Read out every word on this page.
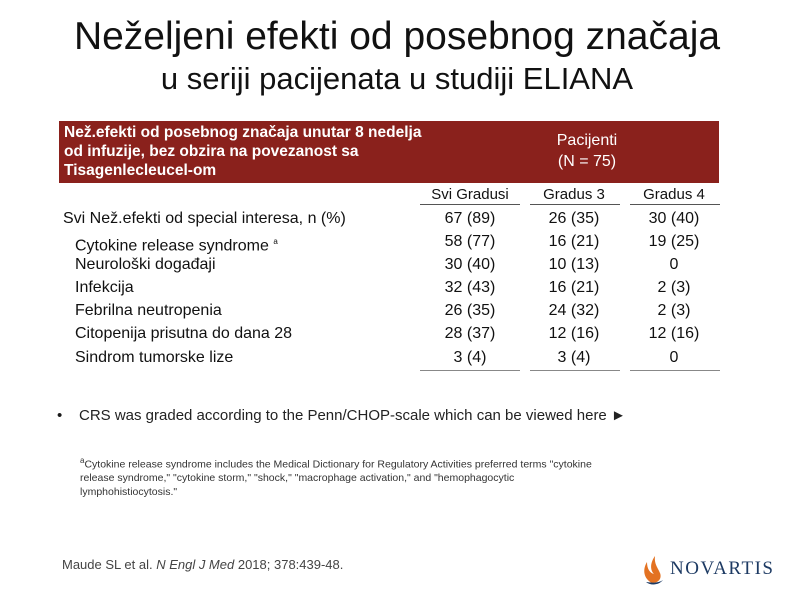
Neželjeni efekti od posebnog značaja
u seriji pacijenata u studiji ELIANA
Než.efekti od posebnog značaja unutar 8 nedelja od infuzije, bez obzira na povezanost sa Tisagenlecleucel-om
Pacijenti
(N = 75)
Svi Gradusi	Gradus 3	Gradus 4
Svi Než.efekti od special interesa, n (%)	67 (89)	26 (35)	30 (40)
Cytokine release syndrome $^a$	58 (77)	16 (21)	19 (25)
Neurološki događaji	30 (40)	10 (13)	0
Infekcija	32 (43)	16 (21)	2 (3)
Febrilna neutropenia	26 (35)	24 (32)	2 (3)
Citopenija prisutna do dana 28	28 (37)	12 (16)	12 (16)
Sindrom tumorske lize	3 (4)	3 (4)	0
• CRS was graded according to the Penn/CHOP-scale which can be viewed here ►
$^a$Cytokine release syndrome includes the Medical Dictionary for Regulatory Activities preferred terms "cytokine release syndrome," "cytokine storm," "shock," "macrophage activation," and "hemophagocytic lymphohistiocytosis."
Maude SL et al. N Engl J Med 2018; 378:439-48.	NOVARTIS
